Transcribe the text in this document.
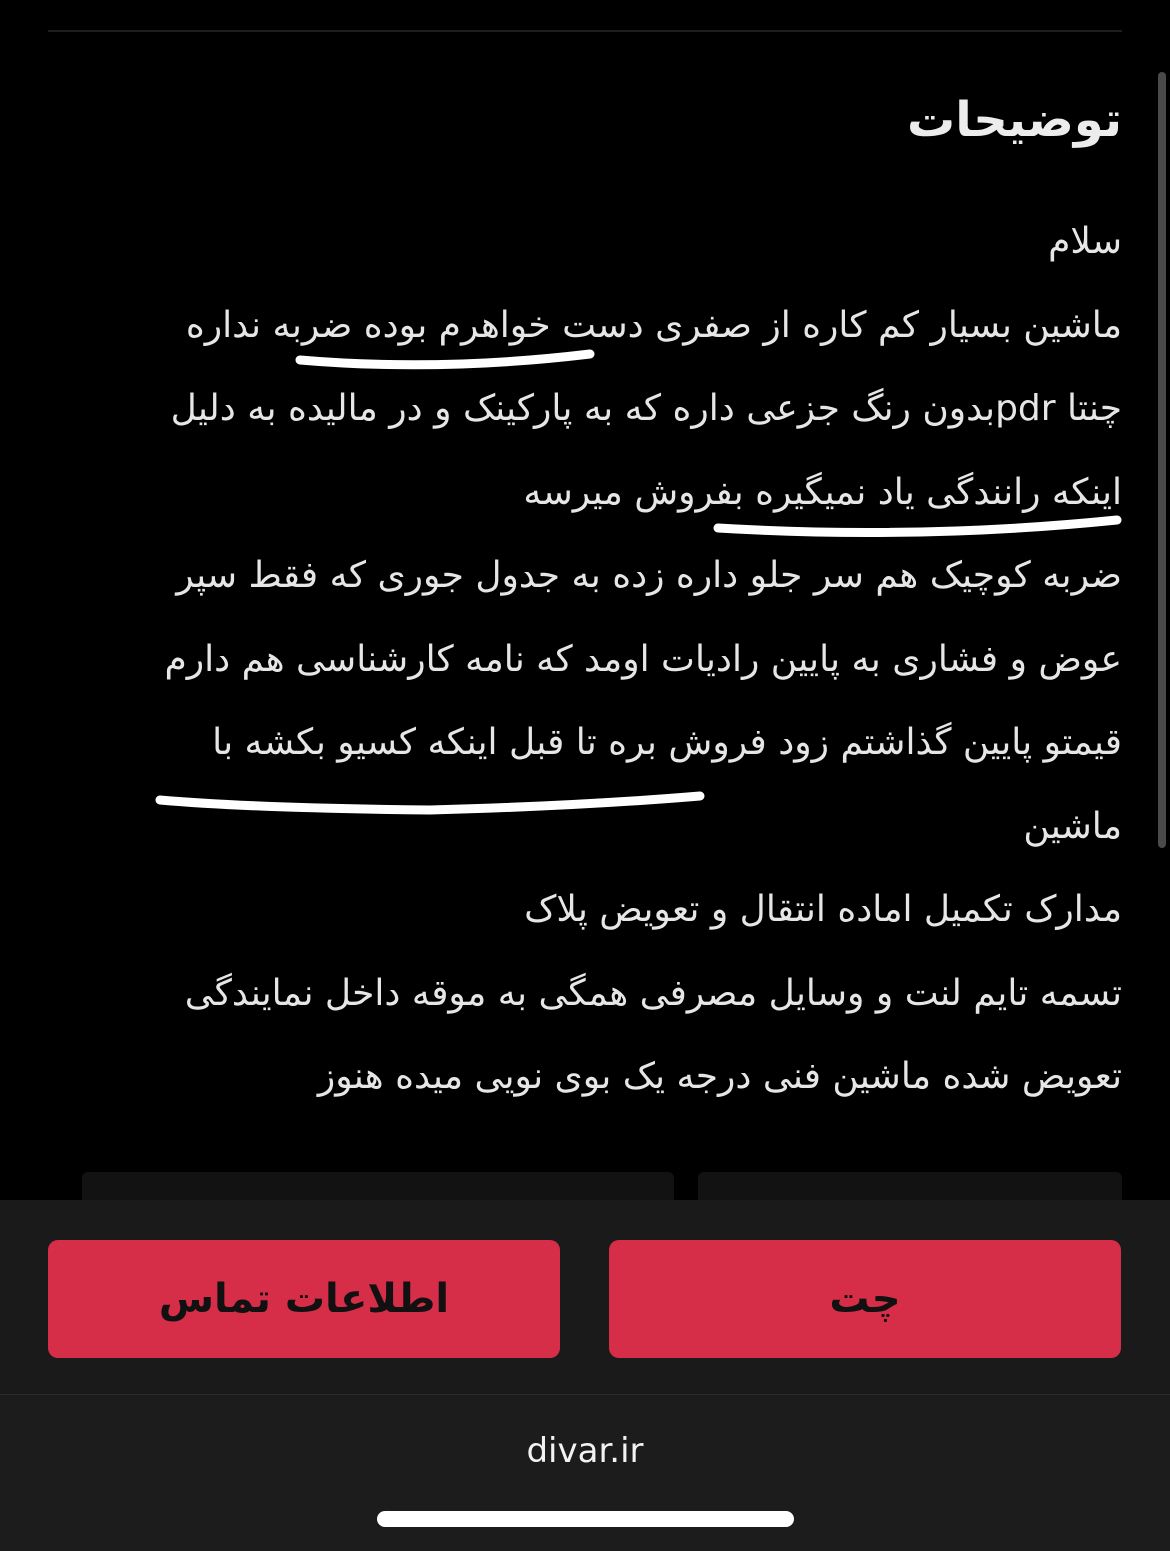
توضیحات
سلام
ماشین بسیار کم کاره از صفری دست خواهرم بوده ضربه نداره
چنتا pdrبدون رنگ جزعی داره که به پارکینک و در مالیده به دلیل
اینکه رانندگی یاد نمیگیره بفروش میرسه
ضربه کوچیک هم سر جلو داره زده به جدول جوری که فقط سپر
عوض و فشاری به پایین رادیات اومد که نامه کارشناسی هم دارم
قیمتو پایین گذاشتم زود فروش بره تا قبل اینکه کسیو بکشه با
ماشین
مدارک تکمیل اماده انتقال و تعویض پلاک
تسمه تایم لنت و وسایل مصرفی همگی به موقه داخل نمایندگی
تعویض شده ماشین فنی درجه یک بوی نویی میده هنوز
اطلاعات تماس	چت
divar.ir
